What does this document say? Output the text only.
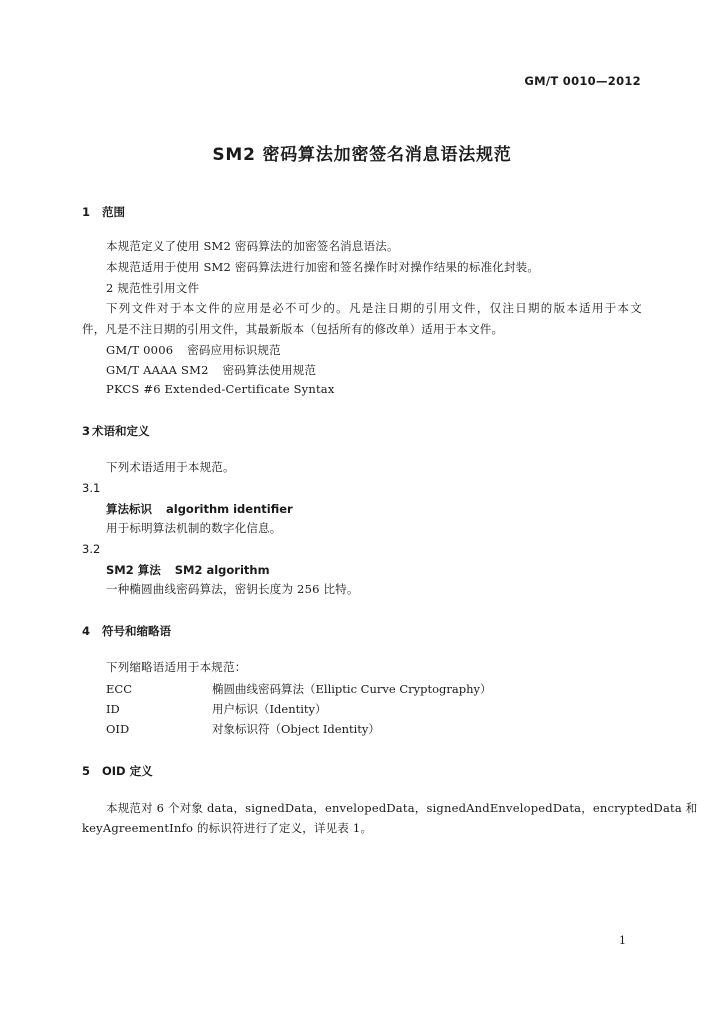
GM/T 0010—2012
SM2 密码算法加密签名消息语法规范
1 范围
本规范定义了使用 SM2 密码算法的加密签名消息语法。
本规范适用于使用 SM2 密码算法进行加密和签名操作时对操作结果的标准化封装。
2 规范性引用文件
下列文件对于本文件的应用是必不可少的。凡是注日期的引用文件，仅注日期的版本适用于本文
件，凡是不注日期的引用文件，其最新版本（包括所有的修改单）适用于本文件。
GM/T 0006 密码应用标识规范
GM/T AAAA SM2 密码算法使用规范
PKCS #6 Extended-Certificate Syntax
3 术语和定义
下列术语适用于本规范。
3.1
算法标识 algorithm identifier
用于标明算法机制的数字化信息。
3.2
SM2 算法 SM2 algorithm
一种椭圆曲线密码算法，密钥长度为 256 比特。
4 符号和缩略语
下列缩略语适用于本规范：
ECC	椭圆曲线密码算法（Elliptic Curve Cryptography）
ID	用户标识（Identity）
OID	对象标识符（Object Identity）
5 OID 定义
本规范对 6 个对象 data，signedData，envelopedData，signedAndEnvelopedData，encryptedData 和
keyAgreementInfo 的标识符进行了定义，详见表 1。
1
